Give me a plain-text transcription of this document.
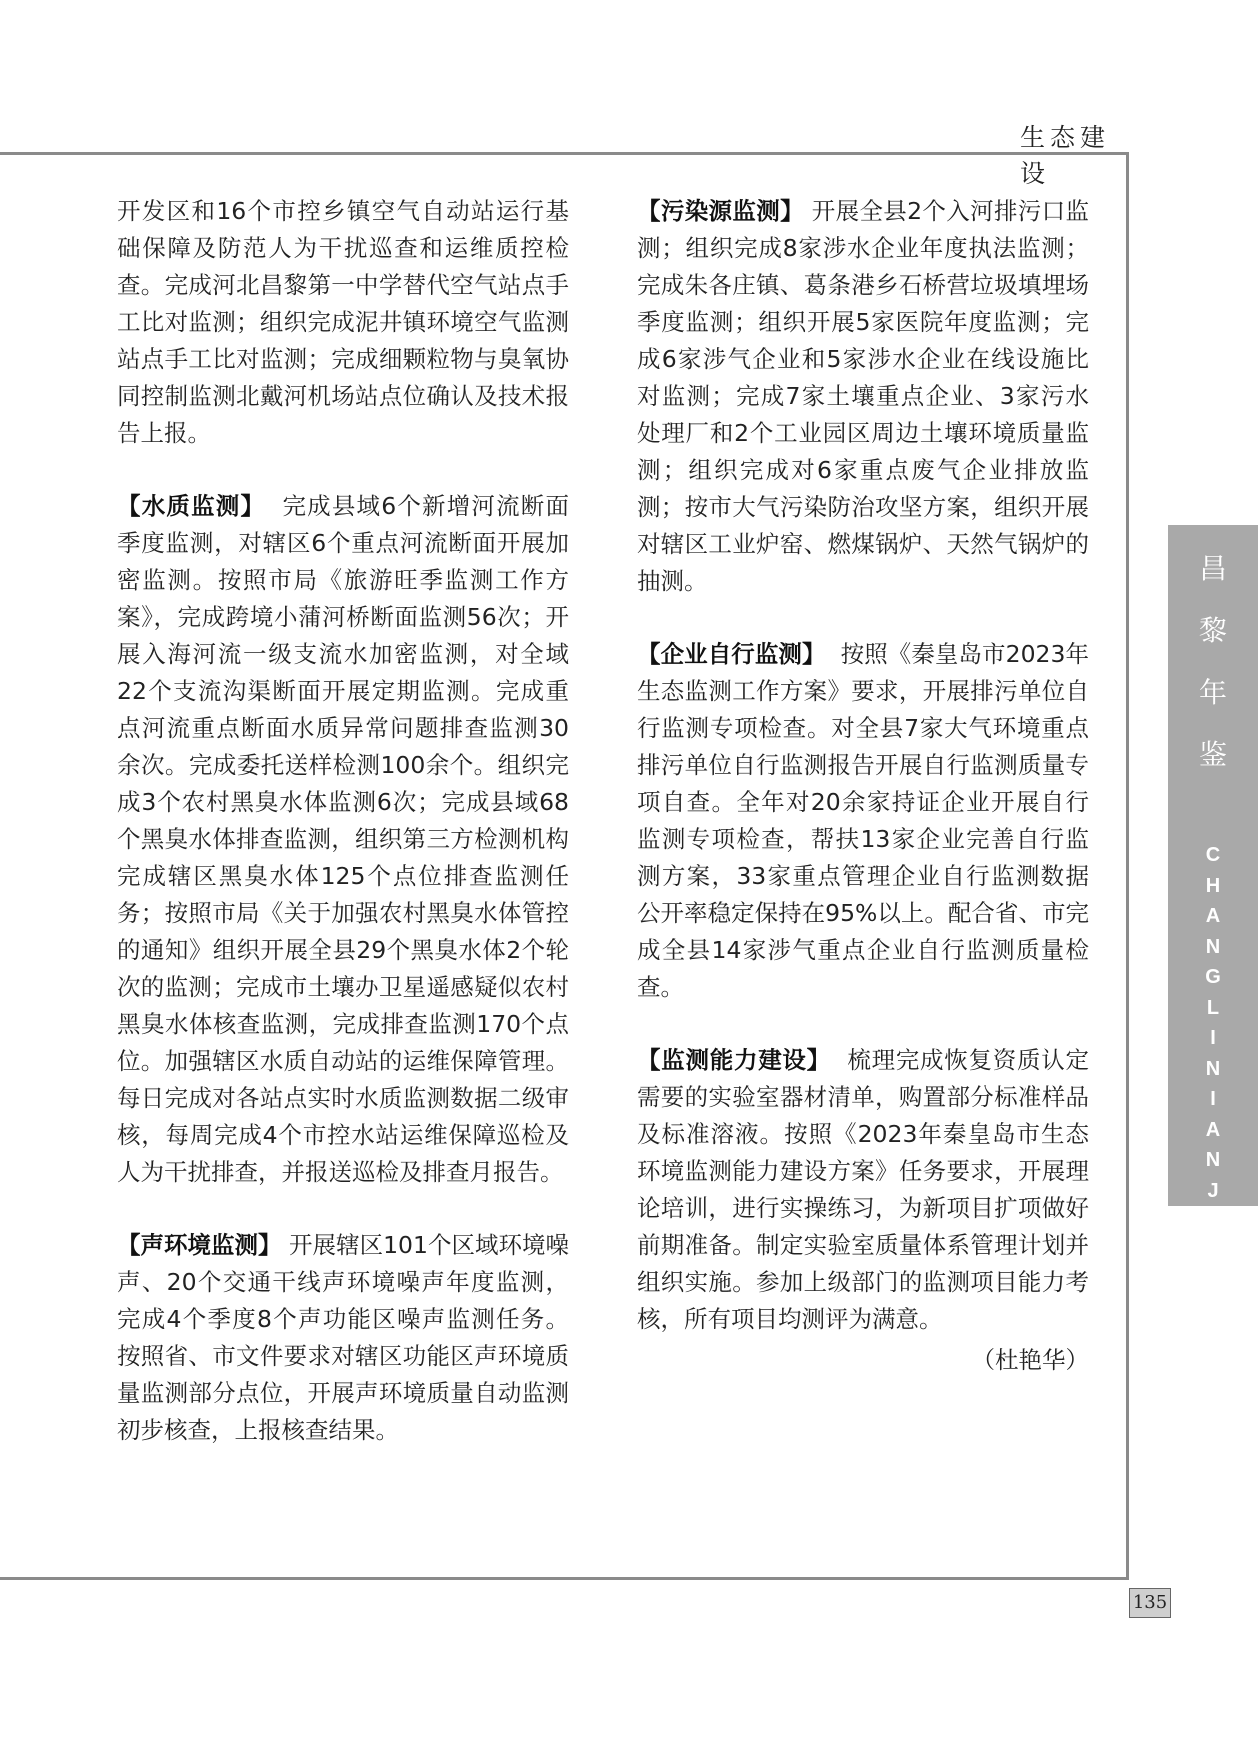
生态建设
昌
黎
年
鉴
C
H
A
N
G
L
I
N
I
A
N
J
I
A
N

开发区和16个市控乡镇空气自动站运行基础保障及防范人为干扰巡查和运维质控检查。完成河北昌黎第一中学替代空气站点手工比对监测；组织完成泥井镇环境空气监测站点手工比对监测；完成细颗粒物与臭氧协同控制监测北戴河机场站点位确认及技术报告上报。

【水质监测】 完成县域6个新增河流断面季度监测，对辖区6个重点河流断面开展加密监测。按照市局《旅游旺季监测工作方案》，完成跨境小蒲河桥断面监测56次；开展入海河流一级支流水加密监测，对全域22个支流沟渠断面开展定期监测。完成重点河流重点断面水质异常问题排查监测30余次。完成委托送样检测100余个。组织完成3个农村黑臭水体监测6次；完成县域68个黑臭水体排查监测，组织第三方检测机构完成辖区黑臭水体125个点位排查监测任务；按照市局《关于加强农村黑臭水体管控的通知》组织开展全县29个黑臭水体2个轮次的监测；完成市土壤办卫星遥感疑似农村黑臭水体核查监测，完成排查监测170个点位。加强辖区水质自动站的运维保障管理。每日完成对各站点实时水质监测数据二级审核，每周完成4个市控水站运维保障巡检及人为干扰排查，并报送巡检及排查月报告。

【声环境监测】 开展辖区101个区域环境噪声、20个交通干线声环境噪声年度监测，完成4个季度8个声功能区噪声监测任务。按照省、市文件要求对辖区功能区声环境质量监测部分点位，开展声环境质量自动监测初步核查，上报核查结果。

【污染源监测】 开展全县2个入河排污口监测；组织完成8家涉水企业年度执法监测；完成朱各庄镇、葛条港乡石桥营垃圾填埋场季度监测；组织开展5家医院年度监测；完成6家涉气企业和5家涉水企业在线设施比对监测；完成7家土壤重点企业、3家污水处理厂和2个工业园区周边土壤环境质量监测；组织完成对6家重点废气企业排放监测；按市大气污染防治攻坚方案，组织开展对辖区工业炉窑、燃煤锅炉、天然气锅炉的抽测。

【企业自行监测】 按照《秦皇岛市2023年生态监测工作方案》要求，开展排污单位自行监测专项检查。对全县7家大气环境重点排污单位自行监测报告开展自行监测质量专项自查。全年对20余家持证企业开展自行监测专项检查，帮扶13家企业完善自行监测方案，33家重点管理企业自行监测数据公开率稳定保持在95%以上。配合省、市完成全县14家涉气重点企业自行监测质量检查。

【监测能力建设】 梳理完成恢复资质认定需要的实验室器材清单，购置部分标准样品及标准溶液。按照《2023年秦皇岛市生态环境监测能力建设方案》任务要求，开展理论培训，进行实操练习，为新项目扩项做好前期准备。制定实验室质量体系管理计划并组织实施。参加上级部门的监测项目能力考核，所有项目均测评为满意。

（杜艳华）
135
